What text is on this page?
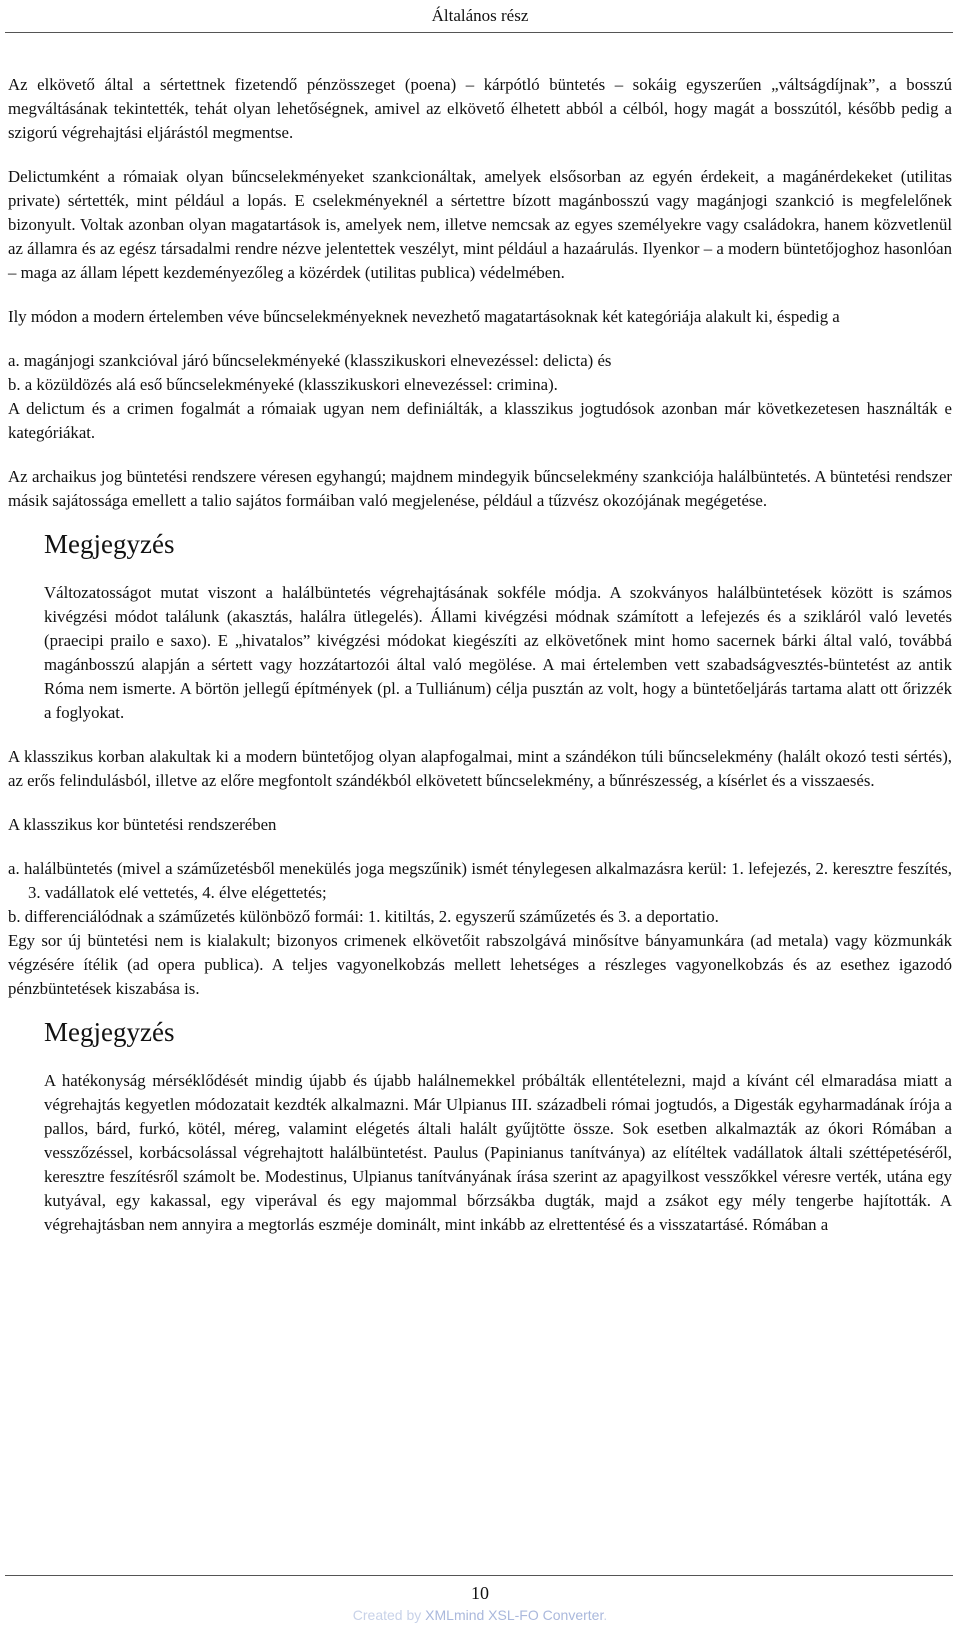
Általános rész

Az elkövető által a sértettnek fizetendő pénzösszeget (poena) – kárpótló büntetés – sokáig egyszerűen „váltságdíjnak”, a bosszú megváltásának tekintették, tehát olyan lehetőségnek, amivel az elkövető élhetett abból a célból, hogy magát a bosszútól, később pedig a szigorú végrehajtási eljárástól megmentse.

Delictumként a rómaiak olyan bűncselekményeket szankcionáltak, amelyek elsősorban az egyén érdekeit, a magánérdekeket (utilitas private) sértették, mint például a lopás. E cselekményeknél a sértettre bízott magánbosszú vagy magánjogi szankció is megfelelőnek bizonyult. Voltak azonban olyan magatartások is, amelyek nem, illetve nemcsak az egyes személyekre vagy családokra, hanem közvetlenül az államra és az egész társadalmi rendre nézve jelentettek veszélyt, mint például a hazaárulás. Ilyenkor – a modern büntetőjoghoz hasonlóan – maga az állam lépett kezdeményezőleg a közérdek (utilitas publica) védelmében.

Ily módon a modern értelemben véve bűncselekményeknek nevezhető magatartásoknak két kategóriája alakult ki, éspedig a

a. magánjogi szankcióval járó bűncselekményeké (klasszikuskori elnevezéssel: delicta) és

b. a közüldözés alá eső bűncselekményeké (klasszikuskori elnevezéssel: crimina).

A delictum és a crimen fogalmát a rómaiak ugyan nem definiálták, a klasszikus jogtudósok azonban már következetesen használták e kategóriákat.

Az archaikus jog büntetési rendszere véresen egyhangú; majdnem mindegyik bűncselekmény szankciója halálbüntetés. A büntetési rendszer másik sajátossága emellett a talio sajátos formáiban való megjelenése, például a tűzvész okozójának megégetése.

Megjegyzés

Változatosságot mutat viszont a halálbüntetés végrehajtásának sokféle módja. A szokványos halálbüntetések között is számos kivégzési módot találunk (akasztás, halálra ütlegelés). Állami kivégzési módnak számított a lefejezés és a szikláról való levetés (praecipi prailo e saxo). E „hivatalos” kivégzési módokat kiegészíti az elkövetőnek mint homo sacernek bárki által való, továbbá magánbosszú alapján a sértett vagy hozzátartozói által való megölése. A mai értelemben vett szabadságvesztés-büntetést az antik Róma nem ismerte. A börtön jellegű építmények (pl. a Tulliánum) célja pusztán az volt, hogy a büntetőeljárás tartama alatt ott őrizzék a foglyokat.

A klasszikus korban alakultak ki a modern büntetőjog olyan alapfogalmai, mint a szándékon túli bűncselekmény (halált okozó testi sértés), az erős felindulásból, illetve az előre megfontolt szándékból elkövetett bűncselekmény, a bűnrészesség, a kísérlet és a visszaesés.

A klasszikus kor büntetési rendszerében

a. halálbüntetés (mivel a száműzetésből menekülés joga megszűnik) ismét ténylegesen alkalmazásra kerül: 1. lefejezés, 2. keresztre feszítés, 3. vadállatok elé vettetés, 4. élve elégettetés;

b. differenciálódnak a száműzetés különböző formái: 1. kitiltás, 2. egyszerű száműzetés és 3. a deportatio.

Egy sor új büntetési nem is kialakult; bizonyos crimenek elkövetőit rabszolgává minősítve bányamunkára (ad metala) vagy közmunkák végzésére ítélik (ad opera publica). A teljes vagyonelkobzás mellett lehetséges a részleges vagyonelkobzás és az esethez igazodó pénzbüntetések kiszabása is.

Megjegyzés

A hatékonyság mérséklődését mindig újabb és újabb halálnemekkel próbálták ellentételezni, majd a kívánt cél elmaradása miatt a végrehajtás kegyetlen módozatait kezdték alkalmazni. Már Ulpianus III. századbeli római jogtudós, a Digesták egyharmadának írója a pallos, bárd, furkó, kötél, méreg, valamint elégetés általi halált gyűjtötte össze. Sok esetben alkalmazták az ókori Rómában a vesszőzéssel, korbácsolással végrehajtott halálbüntetést. Paulus (Papinianus tanítványa) az elítéltek vadállatok általi széttépetéséről, keresztre feszítésről számolt be. Modestinus, Ulpianus tanítványának írása szerint az apagyilkost vesszőkkel véresre verték, utána egy kutyával, egy kakassal, egy viperával és egy majommal bőrzsákba dugták, majd a zsákot egy mély tengerbe hajították. A végrehajtásban nem annyira a megtorlás eszméje dominált, mint inkább az elrettentésé és a visszatartásé. Rómában a

10
Created by XMLmind XSL-FO Converter.
